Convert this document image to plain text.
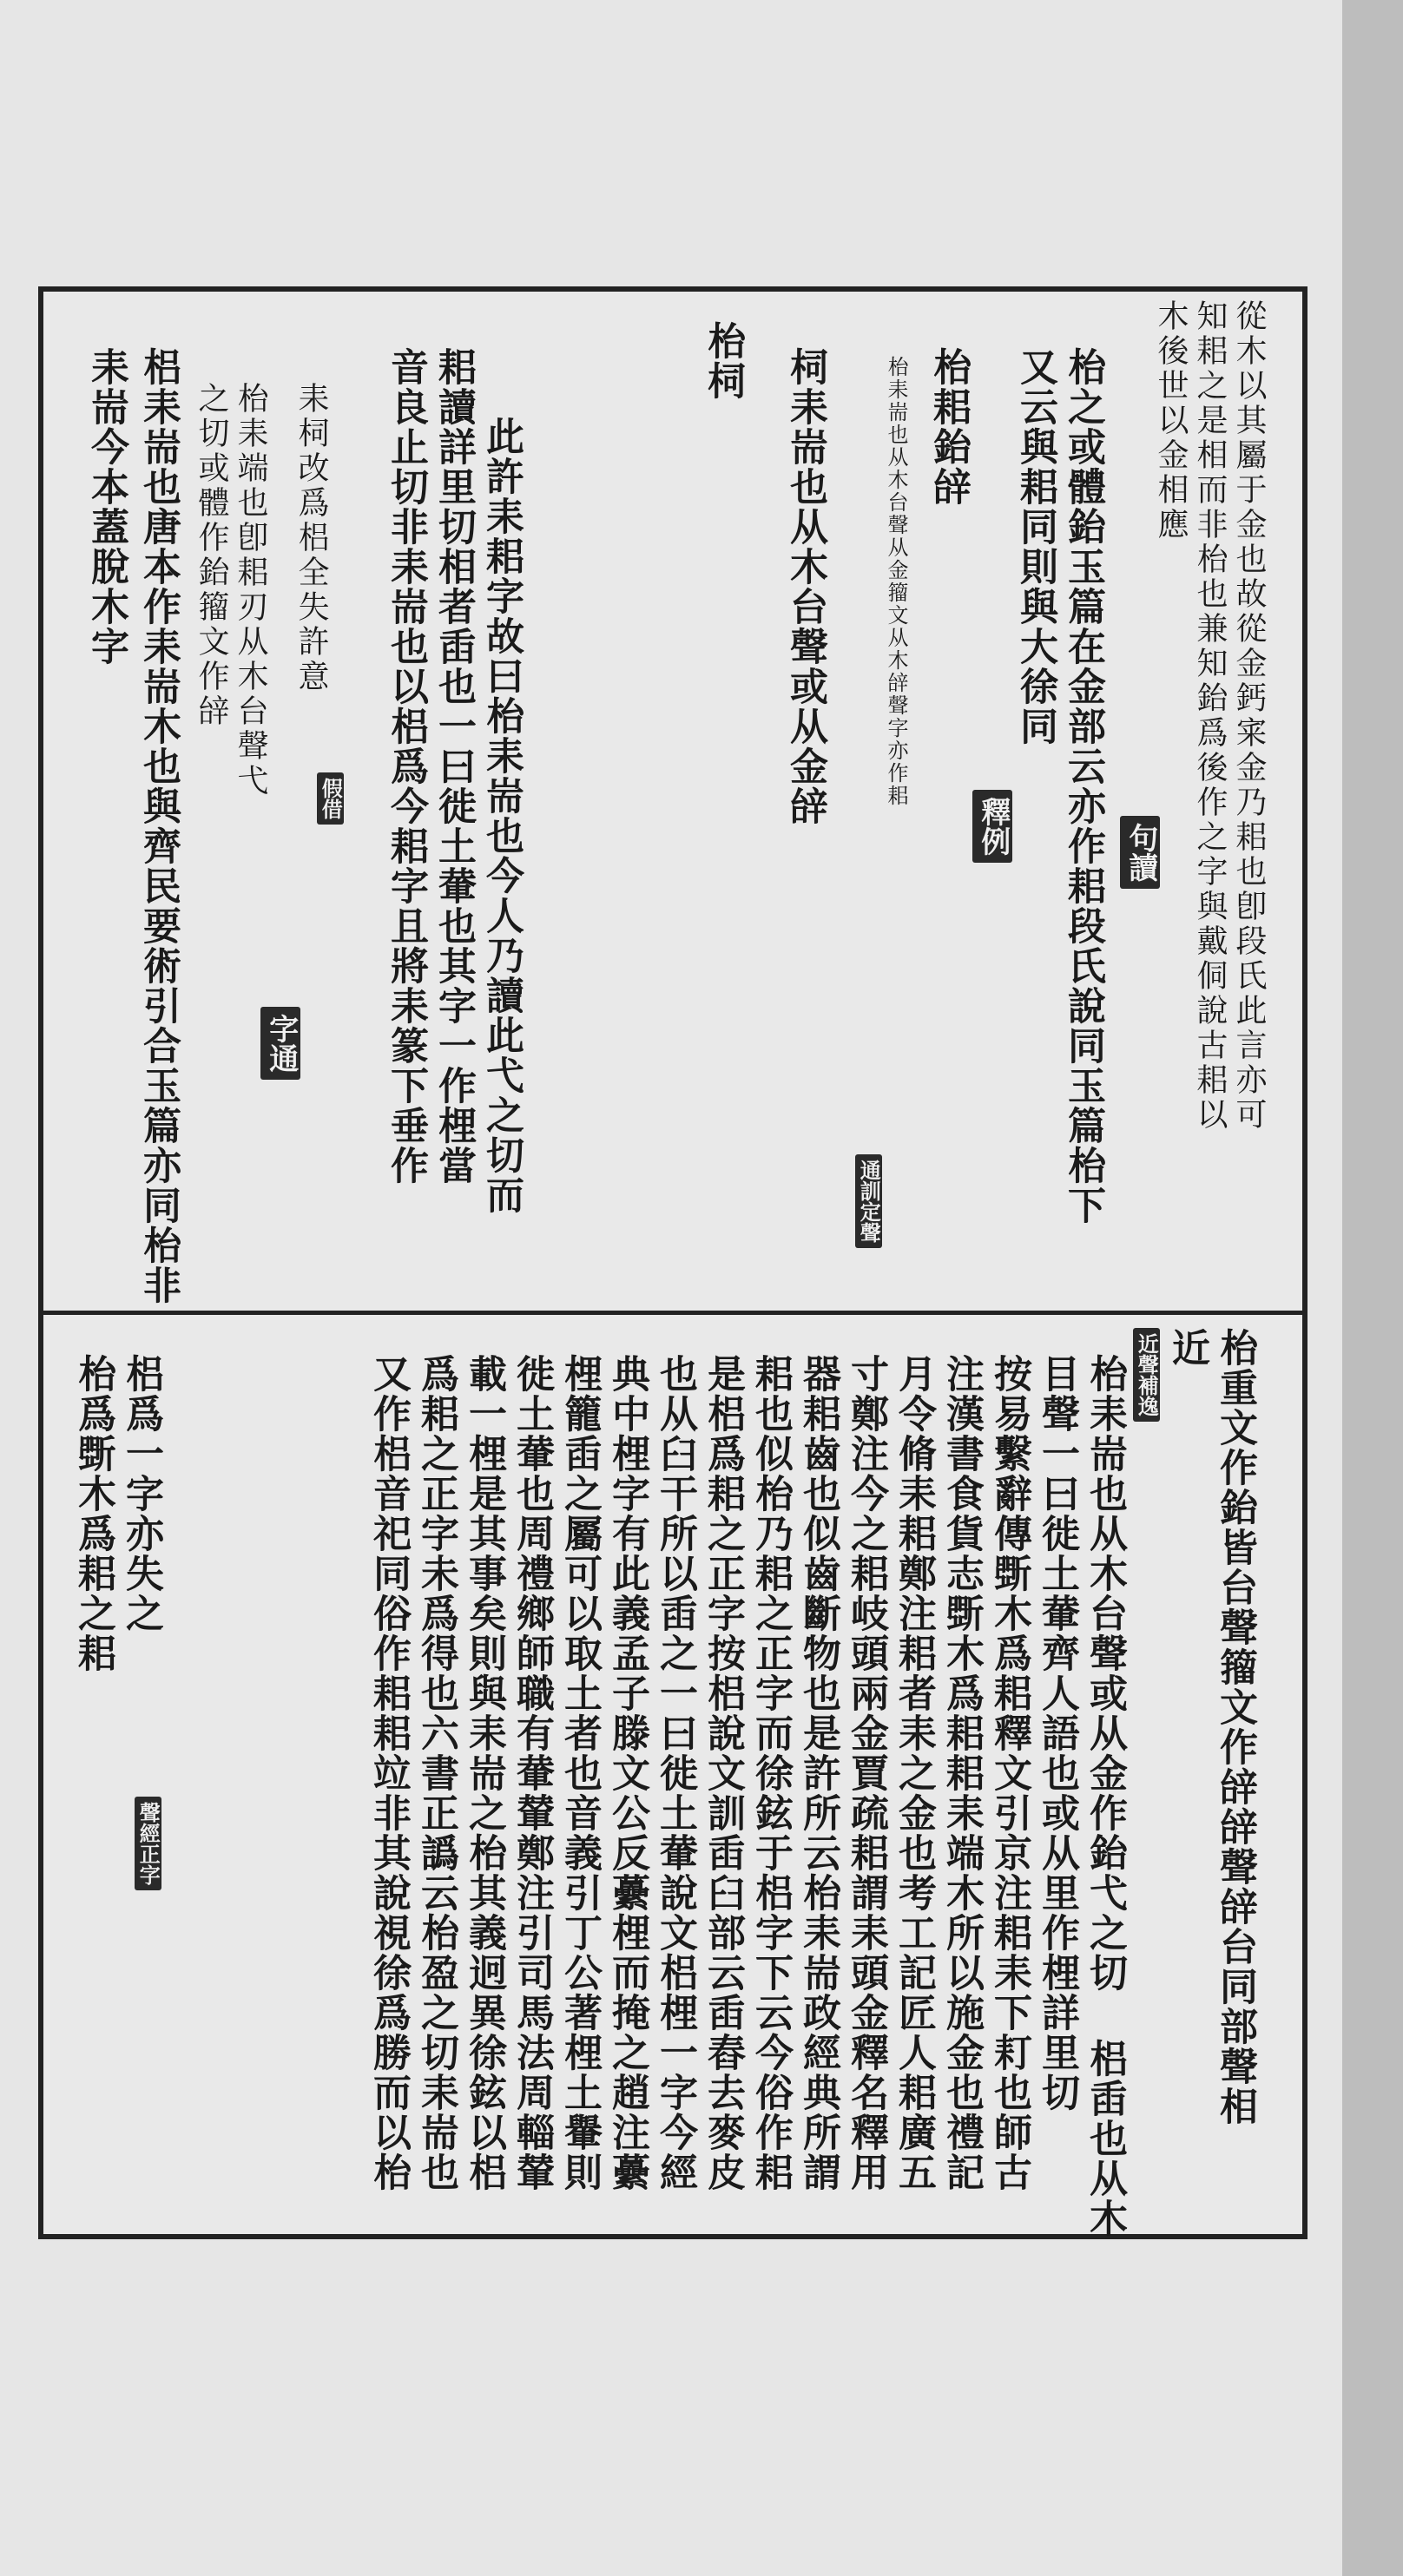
從木以其屬于金也故從金鈣宷金乃耜也卽段氏此言亦可
知耜之是相而非枱也兼知鈶爲後作之字與戴侗說古耜以
木後世以金相應
句讀
枱之或體鈶玉篇在金部云亦作耜段氏說同玉篇枱下
又云與耜同則與大徐同
釋例
枱耜鈶辝
枱耒耑也从木台聲从金籀文从木辝聲字亦作耜
通訓定聲
柌耒耑也从木台聲或从金辝
枱柌
此許耒耜字故曰枱耒耑也今人乃讀此弋之切而
耜讀詳里切相者臿也一曰徙土輂也其字一作梩當
音良止切非耒耑也以梠爲今耜字且將耒篆下垂作
耒柌改爲梠全失許意
假借
枱耒端也卽耜刃从木台聲弋
之切或體作鈶籀文作辝
字通
梠耒耑也唐本作耒耑木也與齊民要術引合玉篇亦同枱非
耒耑今本蓋脫木字
枱重文作鈶皆台聲籀文作辝辝聲辝台同部聲相
近
近聲補逸
枱耒耑也从木台聲或从金作鈶弋之切 梠臿也从木
目聲一曰徙土輂齊人語也或从里作梩詳里切
按易繫辭傳斲木爲耜釋文引京注耜耒下耓也師古
注漢書食貨志斲木爲耜耜耒端木所以施金也禮記
月令脩耒耜鄭注耜者耒之金也考工記匠人耜廣五
寸鄭注今之耜岐頭兩金賈疏耜謂耒頭金釋名釋用
器耜齒也似齒斷物也是許所云枱耒耑政經典所謂
耜也似枱乃耜之正字而徐鉉于梠字下云今俗作耜
是梠爲耜之正字按梠說文訓臿臼部云臿舂去麥皮
也从臼干所以臿之一曰徙土輂說文梠梩一字今經
典中梩字有此義孟子滕文公反虆梩而掩之趙注虆
梩籠臿之屬可以取土者也音義引丁公著梩土轝則
徙土輂也周禮鄉師職有輂輦鄭注引司馬法周輜輦
載一梩是其事矣則與耒耑之枱其義迥異徐鉉以梠
爲耜之正字未爲得也六書正譌云枱盈之切耒耑也
又作梠音祀同俗作耜耜竝非其說視徐爲勝而以枱
梠爲一字亦失之
聲經正字
枱爲斲木爲耜之耜
